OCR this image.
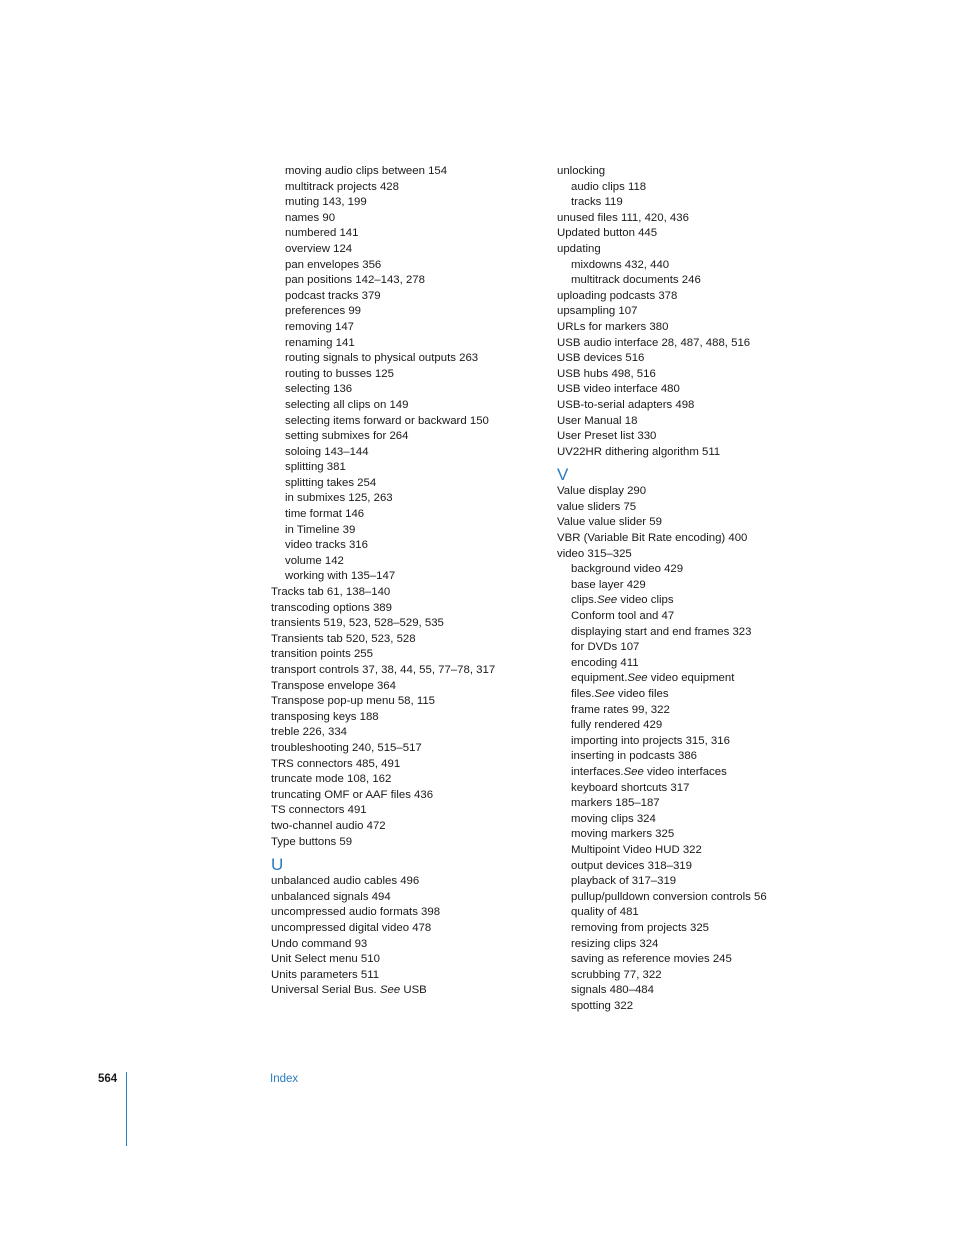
moving audio clips between 154
multitrack projects 428
muting 143, 199
names 90
numbered 141
overview 124
pan envelopes 356
pan positions 142–143, 278
podcast tracks 379
preferences 99
removing 147
renaming 141
routing signals to physical outputs 263
routing to busses 125
selecting 136
selecting all clips on 149
selecting items forward or backward 150
setting submixes for 264
soloing 143–144
splitting 381
splitting takes 254
in submixes 125, 263
time format 146
in Timeline 39
video tracks 316
volume 142
working with 135–147
Tracks tab 61, 138–140
transcoding options 389
transients 519, 523, 528–529, 535
Transients tab 520, 523, 528
transition points 255
transport controls 37, 38, 44, 55, 77–78, 317
Transpose envelope 364
Transpose pop-up menu 58, 115
transposing keys 188
treble 226, 334
troubleshooting 240, 515–517
TRS connectors 485, 491
truncate mode 108, 162
truncating OMF or AAF files 436
TS connectors 491
two-channel audio 472
Type buttons 59
U
unbalanced audio cables 496
unbalanced signals 494
uncompressed audio formats 398
uncompressed digital video 478
Undo command 93
Unit Select menu 510
Units parameters 511
Universal Serial Bus. See USB
unlocking
audio clips 118
tracks 119
unused files 111, 420, 436
Updated button 445
updating
mixdowns 432, 440
multitrack documents 246
uploading podcasts 378
upsampling 107
URLs for markers 380
USB audio interface 28, 487, 488, 516
USB devices 516
USB hubs 498, 516
USB video interface 480
USB-to-serial adapters 498
User Manual 18
User Preset list 330
UV22HR dithering algorithm 511
V
Value display 290
value sliders 75
Value value slider 59
VBR (Variable Bit Rate encoding) 400
video 315–325
background video 429
base layer 429
clips.See video clips
Conform tool and 47
displaying start and end frames 323
for DVDs 107
encoding 411
equipment.See video equipment
files.See video files
frame rates 99, 322
fully rendered 429
importing into projects 315, 316
inserting in podcasts 386
interfaces.See video interfaces
keyboard shortcuts 317
markers 185–187
moving clips 324
moving markers 325
Multipoint Video HUD 322
output devices 318–319
playback of 317–319
pullup/pulldown conversion controls 56
quality of 481
removing from projects 325
resizing clips 324
saving as reference movies 245
scrubbing 77, 322
signals 480–484
spotting 322
564	Index
